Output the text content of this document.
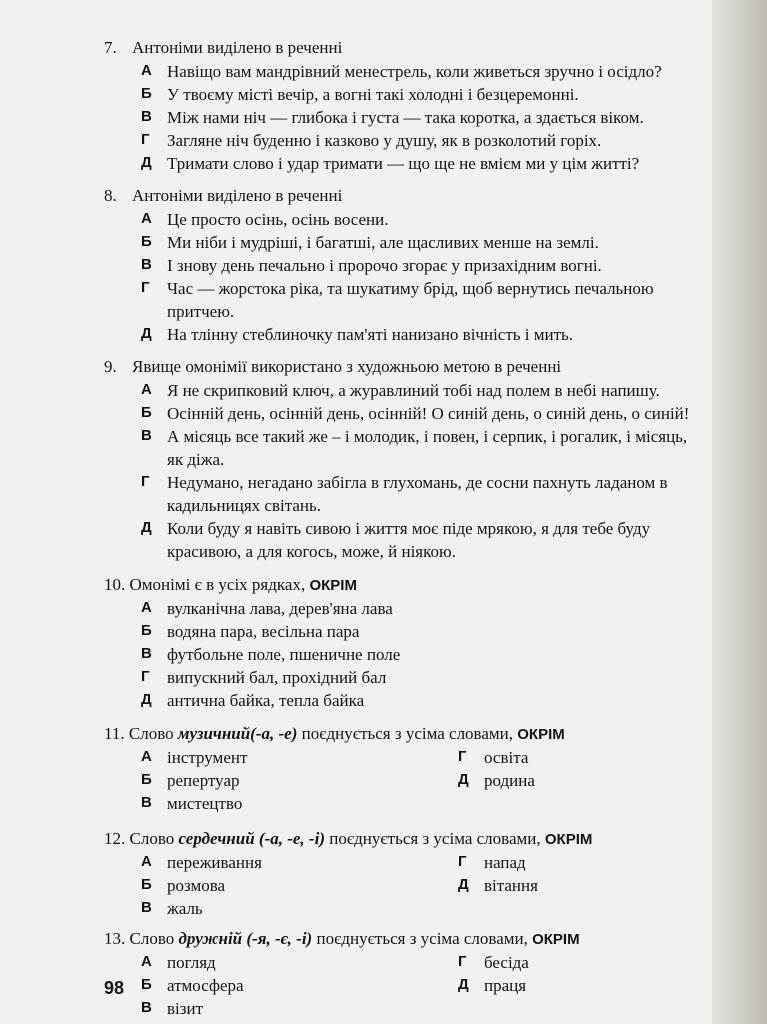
7. Антоніми виділено в реченні
А Навіщо вам мандрівний менестрель, коли живеться зручно і осідло?
Б У твоєму місті вечір, а вогні такі холодні і безцеремонні.
В Між нами ніч — глибока і густа — така коротка, а здається віком.
Г Загляне ніч буденно і казково у душу, як в розколотий горіх.
Д Тримати слово і удар тримати — що ще не вмієм ми у цім житті?
8. Антоніми виділено в реченні
А Це просто осінь, осінь восени.
Б Ми ніби і мудріші, і багатші, але щасливих менше на землі.
В І знову день печально і пророчо згорає у призахідним вогні.
Г Час — жорстока ріка, та шукатиму брід, щоб вернутись печальною
притчею.
Д На тлінну стеблиночку пам'яті нанизано вічність і мить.
9. Явище омонімії використано з художньою метою в реченні
А Я не скрипковий ключ, а журавлиний тобі над полем в небі напишу.
Б Осінній день, осінній день, осінній! О синій день, о синій день, о синій!
В А місяць все такий же – і молодик, і повен, і серпик, і рогалик, і місяць,
як діжа.
Г Недумано, негадано забігла в глухомань, де сосни пахнуть ладаном в
кадильницях світань.
Д Коли буду я навіть сивою і життя моє піде мрякою, я для тебе буду
красивою, а для когось, може, й ніякою.
10. Омонімі є в усіх рядках, ОКРІМ
А вулканічна лава, дерев'яна лава
Б водяна пара, весільна пара
В футбольне поле, пшеничне поле
Г випускний бал, прохідний бал
Д антична байка, тепла байка
11. Слово музичний(-а, -е) поєднується з усіма словами, ОКРІМ
А інструмент
Б репертуар
В мистецтво
Г освіта
Д родина
12. Слово сердечний (-а, -е, -і) поєднується з усіма словами, ОКРІМ
А переживання
Б розмова
В жаль
Г напад
Д вітання
13. Слово дружній (-я, -є, -і) поєднується з усіма словами, ОКРІМ
А погляд
Б атмосфера
В візит
Г бесіда
Д праця
98
